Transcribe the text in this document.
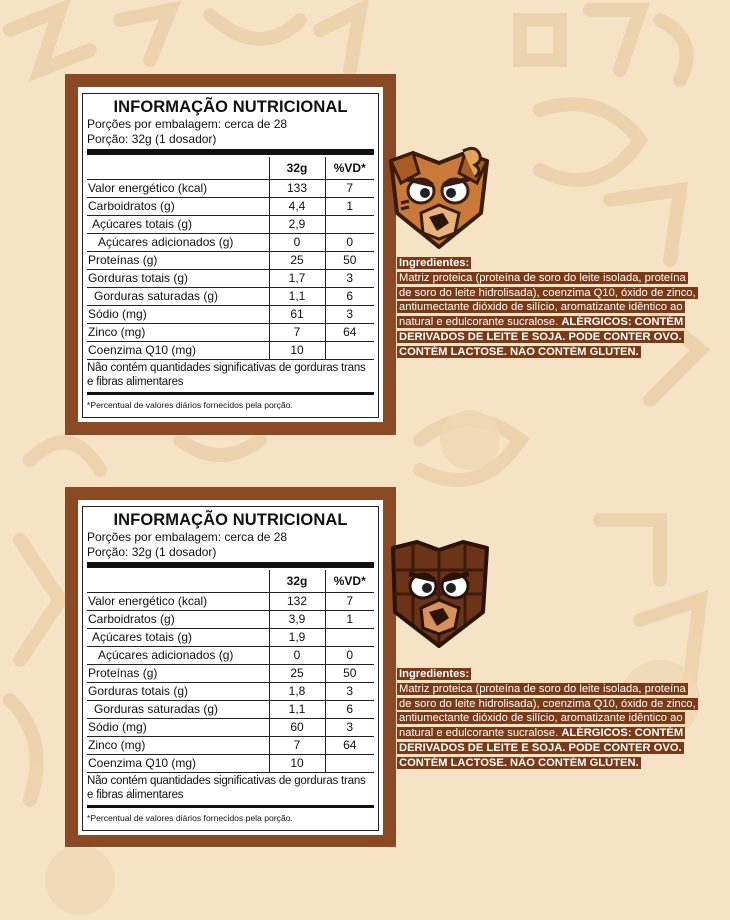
INFORMAÇÃO NUTRICIONAL
Porções por embalagem: cerca de 28
Porção: 32g (1 dosador)
	32g	%VD*
Valor energético (kcal)	133	7
Carboidratos (g)	4,4	1
Açúcares totais (g)	2,9	
Açúcares adicionados (g)	0	0
Proteínas (g)	25	50
Gorduras totais (g)	1,7	3
Gorduras saturadas (g)	1,1	6
Sódio (mg)	61	3
Zinco (mg)	7	64
Coenzima Q10 (mg)	10	
Não contém quantidades significativas de gorduras trans e fibras alimentares
*Percentual de valores diários fornecidos pela porção.
Ingredientes:
Matriz proteica (proteína de soro do leite isolada, proteína de soro do leite hidrolisada), coenzima Q10, óxido de zinco, antiumectante dióxido de silício, aromatizante idêntico ao natural e edulcorante sucralose. ALÉRGICOS: CONTÉM DERIVADOS DE LEITE E SOJA. PODE CONTER OVO. CONTÉM LACTOSE. NÃO CONTÉM GLÚTEN.
INFORMAÇÃO NUTRICIONAL
Porções por embalagem: cerca de 28
Porção: 32g (1 dosador)
	32g	%VD*
Valor energético (kcal)	132	7
Carboidratos (g)	3,9	1
Açúcares totais (g)	1,9	
Açúcares adicionados (g)	0	0
Proteínas (g)	25	50
Gorduras totais (g)	1,8	3
Gorduras saturadas (g)	1,1	6
Sódio (mg)	60	3
Zinco (mg)	7	64
Coenzima Q10 (mg)	10	
Não contém quantidades significativas de gorduras trans e fibras alimentares
*Percentual de valores diários fornecidos pela porção.
Ingredientes:
Matriz proteica (proteína de soro do leite isolada, proteína de soro do leite hidrolisada), coenzima Q10, óxido de zinco, antiumectante dióxido de silício, aromatizante idêntico ao natural e edulcorante sucralose. ALÉRGICOS: CONTÉM DERIVADOS DE LEITE E SOJA. PODE CONTER OVO. CONTÉM LACTOSE. NÃO CONTÉM GLÚTEN.
